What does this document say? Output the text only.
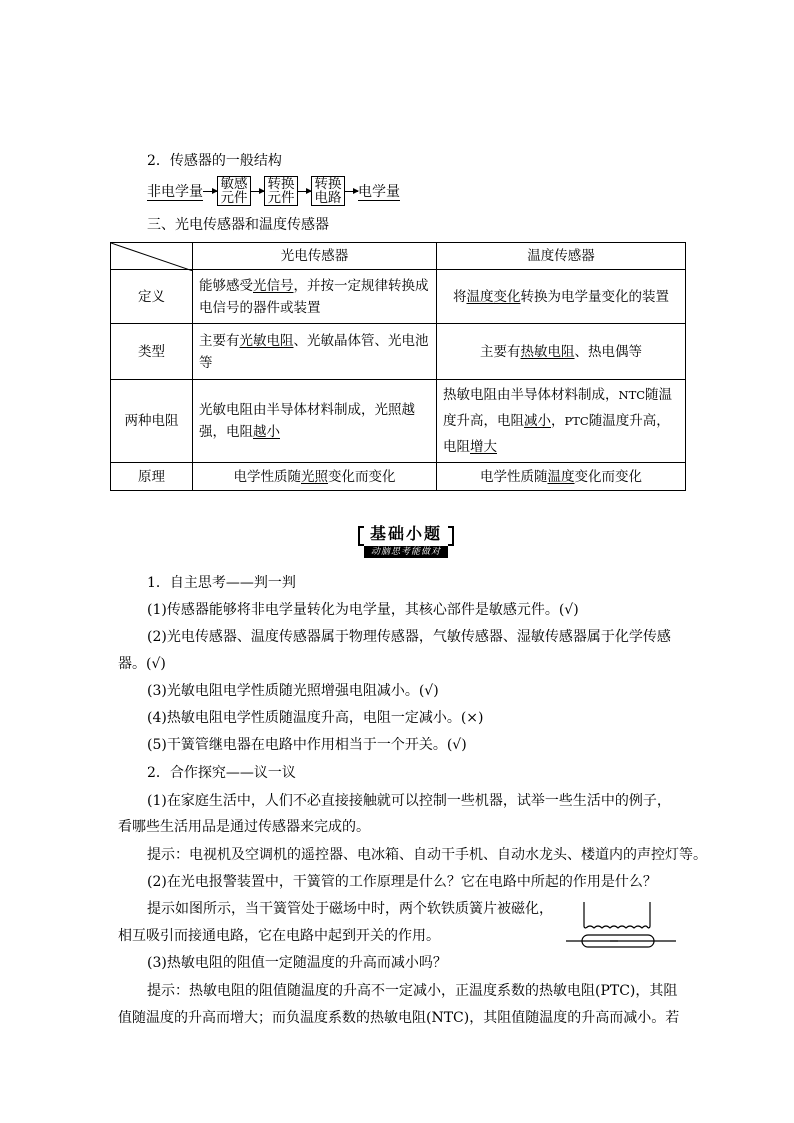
2．传感器的一般结构
非电学量 敏感
元件
转换
元件
转换
电路 电学量
三、光电传感器和温度传感器
	光电传感器	温度传感器
定义	能够感受光信号，并按一定规律转换成电信号的器件或装置	将温度变化转换为电学量变化的装置
类型	主要有光敏电阻、光敏晶体管、光电池等	主要有热敏电阻、热电偶等
两种电阻	光敏电阻由半导体材料制成，光照越强，电阻越小	热敏电阻由半导体材料制成，NTC随温度升高，电阻减小，PTC随温度升高，电阻增大
原理	电学性质随光照变化而变化	电学性质随温度变化而变化
基础小题
动脑思考能做对
1．自主思考——判一判
(1)传感器能够将非电学量转化为电学量，其核心部件是敏感元件。(√)
(2)光电传感器、温度传感器属于物理传感器，气敏传感器、湿敏传感器属于化学传感
器。(√)
(3)光敏电阻电学性质随光照增强电阻减小。(√)
(4)热敏电阻电学性质随温度升高，电阻一定减小。(×)
(5)干簧管继电器在电路中作用相当于一个开关。(√)
2．合作探究——议一议
(1)在家庭生活中，人们不必直接接触就可以控制一些机器，试举一些生活中的例子，
看哪些生活用品是通过传感器来完成的。
提示：电视机及空调机的遥控器、电冰箱、自动干手机、自动水龙头、楼道内的声控灯等。
(2)在光电报警装置中，干簧管的工作原理是什么？它在电路中所起的作用是什么？
提示如图所示，当干簧管处于磁场中时，两个软铁质簧片被磁化，
相互吸引而接通电路，它在电路中起到开关的作用。
(3)热敏电阻的阻值一定随温度的升高而减小吗？
提示：热敏电阻的阻值随温度的升高不一定减小，正温度系数的热敏电阻(PTC)，其阻
值随温度的升高而增大；而负温度系数的热敏电阻(NTC)，其阻值随温度的升高而减小。若
